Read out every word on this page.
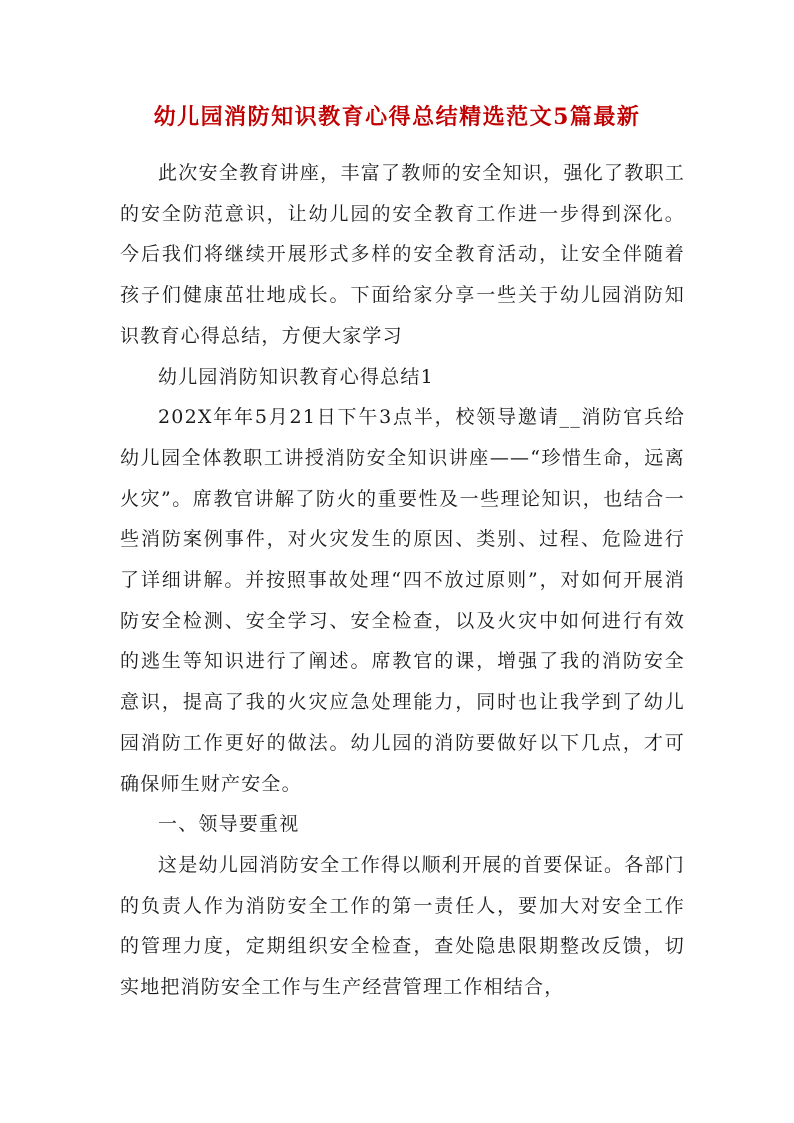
幼儿园消防知识教育心得总结精选范文5篇最新

此次安全教育讲座，丰富了教师的安全知识，强化了教职工的安全防范意识，让幼儿园的安全教育工作进一步得到深化。今后我们将继续开展形式多样的安全教育活动，让安全伴随着孩子们健康茁壮地成长。下面给家分享一些关于幼儿园消防知识教育心得总结，方便大家学习

幼儿园消防知识教育心得总结1

202X年年5月21日下午3点半，校领导邀请__消防官兵给幼儿园全体教职工讲授消防安全知识讲座——“珍惜生命，远离火灾”。席教官讲解了防火的重要性及一些理论知识，也结合一些消防案例事件，对火灾发生的原因、类别、过程、危险进行了详细讲解。并按照事故处理“四不放过原则”，对如何开展消防安全检测、安全学习、安全检查，以及火灾中如何进行有效的逃生等知识进行了阐述。席教官的课，增强了我的消防安全意识，提高了我的火灾应急处理能力，同时也让我学到了幼儿园消防工作更好的做法。幼儿园的消防要做好以下几点，才可确保师生财产安全。

一、领导要重视

这是幼儿园消防安全工作得以顺利开展的首要保证。各部门的负责人作为消防安全工作的第一责任人，要加大对安全工作的管理力度，定期组织安全检查，查处隐患限期整改反馈，切实地把消防安全工作与生产经营管理工作相结合，
